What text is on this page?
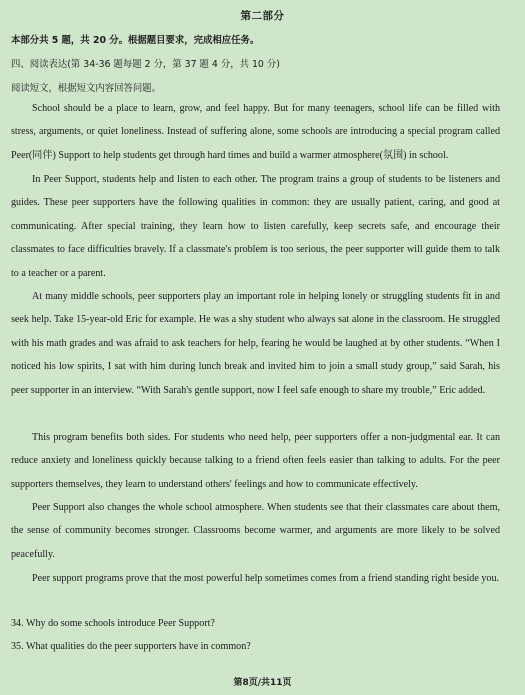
第二部分
本部分共 5 题，共 20 分。根据题目要求，完成相应任务。
四、阅读表达(第 34-36 题每题 2 分，第 37 题 4 分，共 10 分)
阅读短文，根据短文内容回答问题。

School should be a place to learn, grow, and feel happy. But for many teenagers, school life can be filled with stress, arguments, or quiet loneliness. Instead of suffering alone, some schools are introducing a special program called Peer(同伴) Support to help students get through hard times and build a warmer atmosphere(氛围) in school.

In Peer Support, students help and listen to each other. The program trains a group of students to be listeners and guides. These peer supporters have the following qualities in common: they are usually patient, caring, and good at communicating. After special training, they learn how to listen carefully, keep secrets safe, and encourage their classmates to face difficulties bravely. If a classmate's problem is too serious, the peer supporter will guide them to talk to a teacher or a parent.

At many middle schools, peer supporters play an important role in helping lonely or struggling students fit in and seek help. Take 15-year-old Eric for example. He was a shy student who always sat alone in the classroom. He struggled with his math grades and was afraid to ask teachers for help, fearing he would be laughed at by other students. “When I noticed his low spirits, I sat with him during lunch break and invited him to join a small study group,” said Sarah, his peer supporter in an interview. “With Sarah's gentle support, now I feel safe enough to share my trouble,” Eric added.

This program benefits both sides. For students who need help, peer supporters offer a non-judgmental ear. It can reduce anxiety and loneliness quickly because talking to a friend often feels easier than talking to adults. For the peer supporters themselves, they learn to understand others' feelings and how to communicate effectively.

Peer Support also changes the whole school atmosphere. When students see that their classmates care about them, the sense of community becomes stronger. Classrooms become warmer, and arguments are more likely to be solved peacefully.

Peer support programs prove that the most powerful help sometimes comes from a friend standing right beside you.

34. Why do some schools introduce Peer Support?
35. What qualities do the peer supporters have in common?
第8页/共11页
